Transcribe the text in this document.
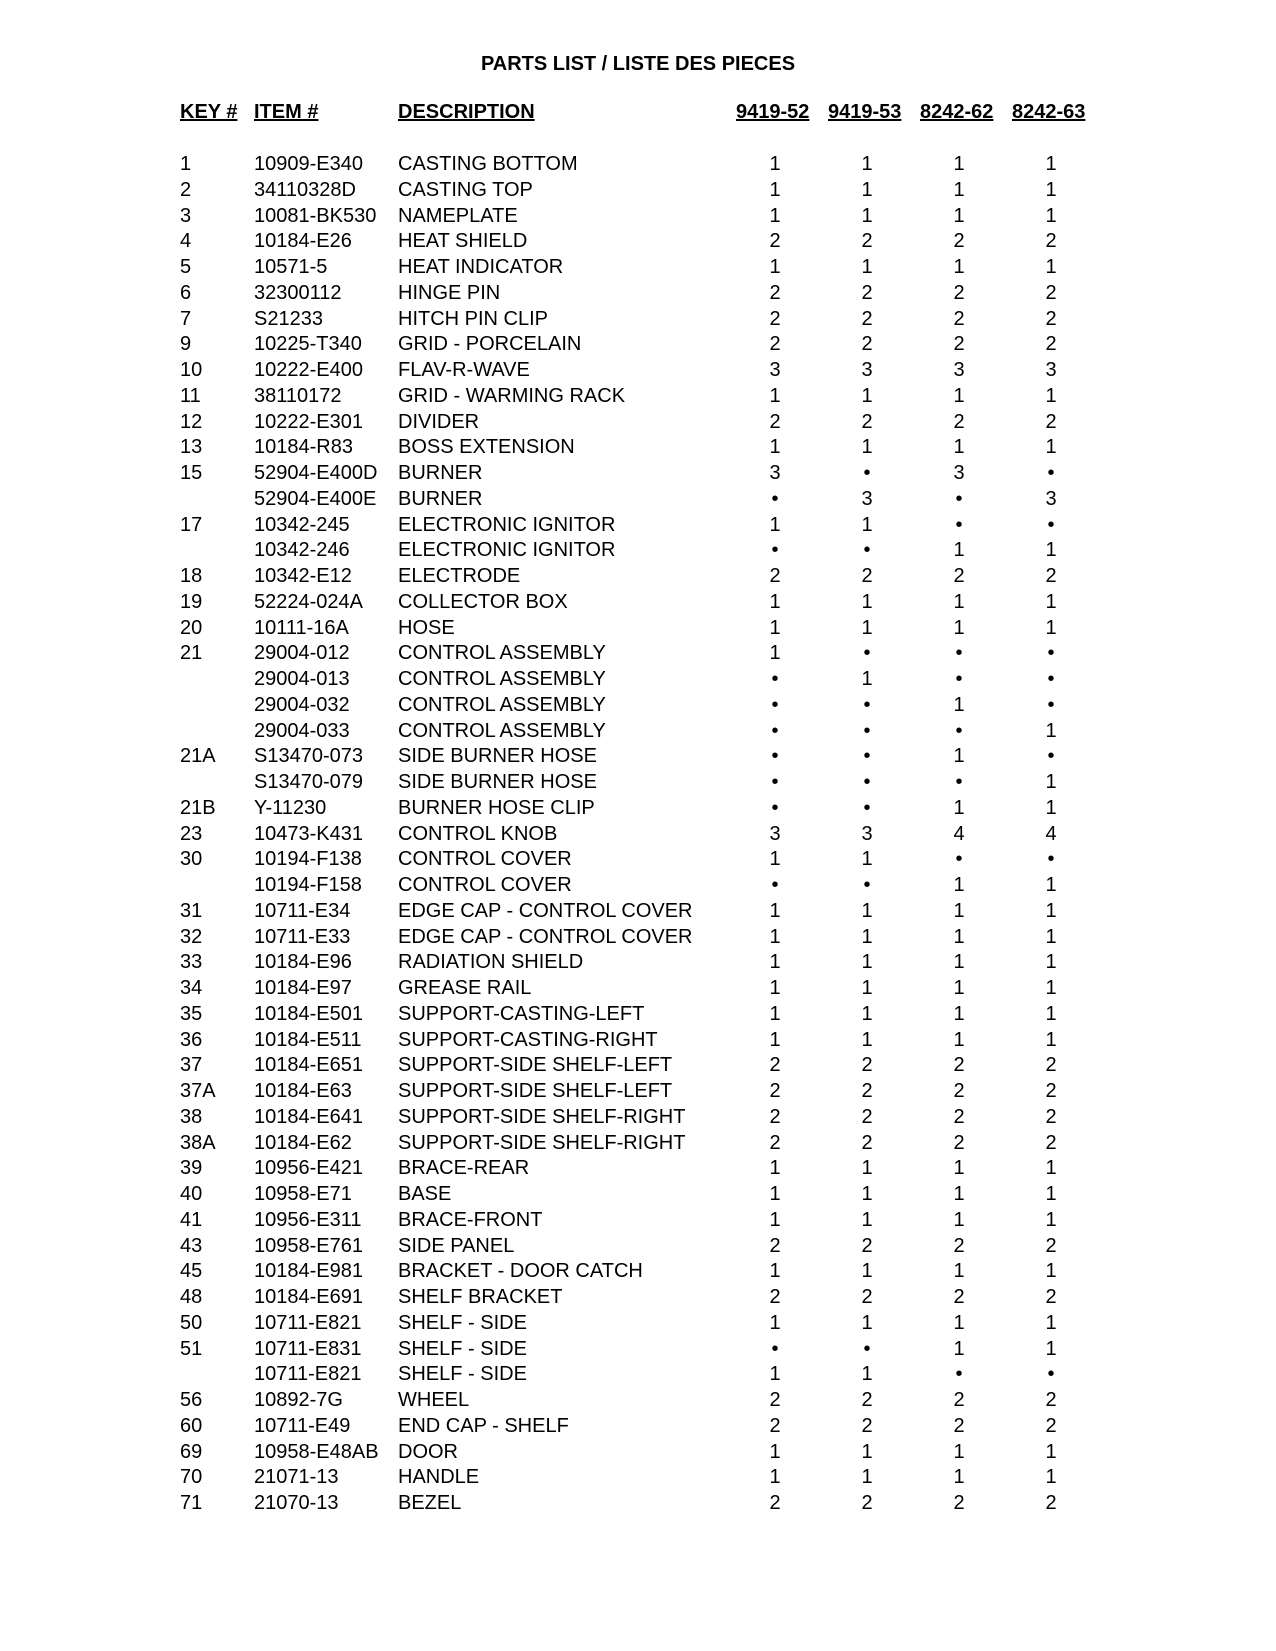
PARTS LIST / LISTE DES PIECES
KEY # ITEM #	DESCRIPTION	9419-52 9419-53 8242-62 8242-63
1	10909-E340 CASTING BOTTOM	1	1	1	1
2	34110328D CASTING TOP	1	1	1	1
3	10081-BK530 NAMEPLATE	1	1	1	1
4	10184-E26 HEAT SHIELD	2	2	2	2
5	10571-5	HEAT INDICATOR	1	1	1	1
6	32300112	HINGE PIN	2	2	2	2
7	S21233	HITCH PIN CLIP	2	2	2	2
9	10225-T340 GRID - PORCELAIN	2	2	2	2
10	10222-E400 FLAV-R-WAVE	3	3	3	3
11	38110172	GRID - WARMING RACK	1	1	1	1
12	10222-E301 DIVIDER	2	2	2	2
13	10184-R83 BOSS EXTENSION	1	1	1	1
15	52904-E400D BURNER	3	•	3	•
52904-E400E BURNER	•	3	•	3
17	10342-245 ELECTRONIC IGNITOR	1	1	•	•
10342-246 ELECTRONIC IGNITOR	•	•	1	1
18	10342-E12 ELECTRODE	2	2	2	2
19	52224-024A COLLECTOR BOX	1	1	1	1
20	10111-16A HOSE	1	1	1	1
21	29004-012 CONTROL ASSEMBLY	1	•	•	•
29004-013 CONTROL ASSEMBLY	•	1	•	•
29004-032 CONTROL ASSEMBLY	•	•	1	•
29004-033 CONTROL ASSEMBLY	•	•	•	1
21A S13470-073 SIDE BURNER HOSE	•	•	1	•
S13470-079 SIDE BURNER HOSE	•	•	•	1
21B Y-11230	BURNER HOSE CLIP	•	•	1	1
23	10473-K431 CONTROL KNOB	3	3	4	4
30	10194-F138 CONTROL COVER	1	1	•	•
10194-F158 CONTROL COVER	•	•	1	1
31	10711-E34 EDGE CAP - CONTROL COVER	1	1	1	1
32	10711-E33 EDGE CAP - CONTROL COVER	1	1	1	1
33	10184-E96 RADIATION SHIELD	1	1	1	1
34	10184-E97 GREASE RAIL	1	1	1	1
35	10184-E501 SUPPORT-CASTING-LEFT	1	1	1	1
36	10184-E511 SUPPORT-CASTING-RIGHT	1	1	1	1
37	10184-E651 SUPPORT-SIDE SHELF-LEFT	2	2	2	2
37A 10184-E63 SUPPORT-SIDE SHELF-LEFT	2	2	2	2
38	10184-E641 SUPPORT-SIDE SHELF-RIGHT	2	2	2	2
38A 10184-E62 SUPPORT-SIDE SHELF-RIGHT	2	2	2	2
39	10956-E421 BRACE-REAR	1	1	1	1
40	10958-E71 BASE	1	1	1	1
41	10956-E311 BRACE-FRONT	1	1	1	1
43	10958-E761 SIDE PANEL	2	2	2	2
45	10184-E981 BRACKET - DOOR CATCH	1	1	1	1
48	10184-E691 SHELF BRACKET	2	2	2	2
50	10711-E821 SHELF - SIDE	1	1	1	1
51	10711-E831 SHELF - SIDE	•	•	1	1
10711-E821 SHELF - SIDE	1	1	•	•
56	10892-7G	WHEEL	2	2	2	2
60	10711-E49 END CAP - SHELF	2	2	2	2
69	10958-E48AB DOOR	1	1	1	1
70	21071-13	HANDLE	1	1	1	1
71	21070-13	BEZEL	2	2	2	2
